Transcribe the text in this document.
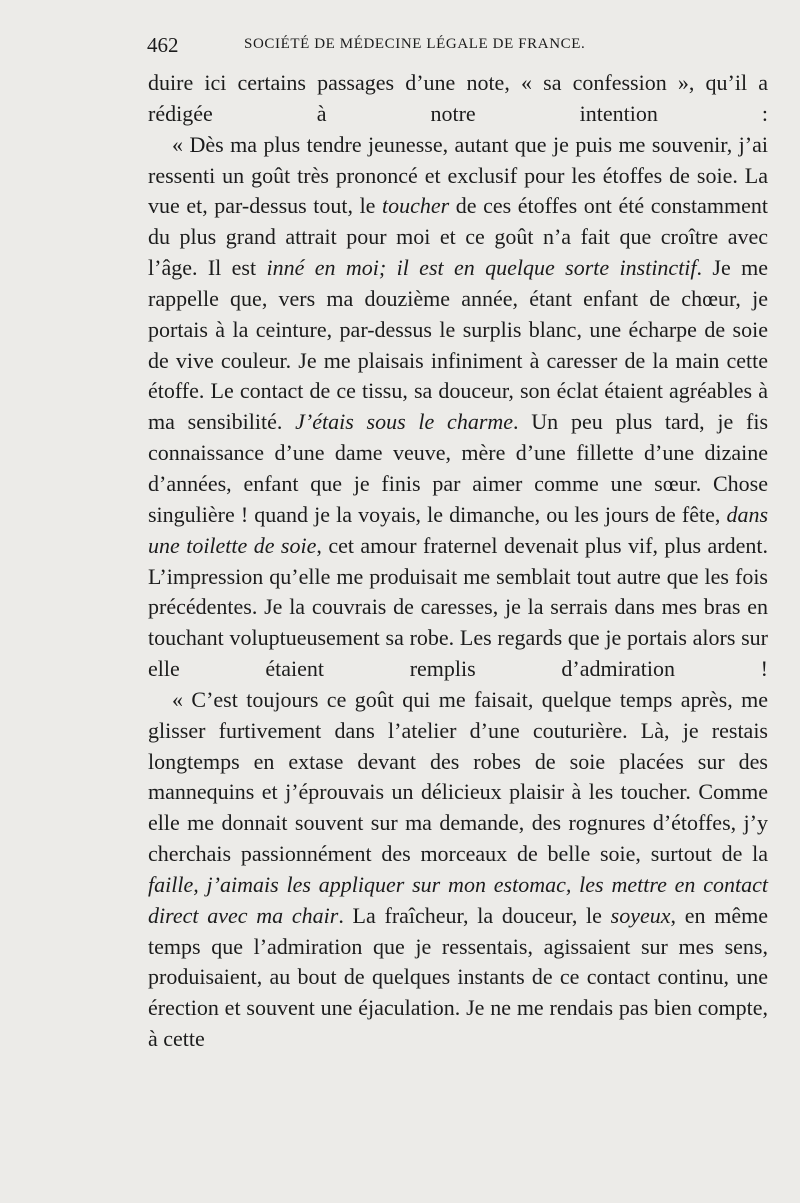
462	SOCIÉTÉ DE MÉDECINE LÉGALE DE FRANCE.

duire ici certains passages d’une note, « sa confession », qu’il a rédigée à notre intention :

« Dès ma plus tendre jeunesse, autant que je puis me souvenir, j’ai ressenti un goût très prononcé et exclusif pour les étoffes de soie. La vue et, par-dessus tout, le toucher de ces étoffes ont été constamment du plus grand attrait pour moi et ce goût n’a fait que croître avec l’âge. Il est inné en moi; il est en quelque sorte instinctif. Je me rappelle que, vers ma douzième année, étant enfant de chœur, je portais à la ceinture, par-dessus le surplis blanc, une écharpe de soie de vive couleur. Je me plaisais infiniment à caresser de la main cette étoffe. Le contact de ce tissu, sa douceur, son éclat étaient agréables à ma sensibilité. J’étais sous le charme. Un peu plus tard, je fis connaissance d’une dame veuve, mère d’une fillette d’une dizaine d’années, enfant que je finis par aimer comme une sœur. Chose singulière ! quand je la voyais, le dimanche, ou les jours de fête, dans une toilette de soie, cet amour fraternel devenait plus vif, plus ardent. L’impression qu’elle me produisait me semblait tout autre que les fois précédentes. Je la couvrais de caresses, je la serrais dans mes bras en touchant voluptueusement sa robe. Les regards que je portais alors sur elle étaient remplis d’admiration !

« C’est toujours ce goût qui me faisait, quelque temps après, me glisser furtivement dans l’atelier d’une couturière. Là, je restais longtemps en extase devant des robes de soie placées sur des mannequins et j’éprouvais un délicieux plaisir à les toucher. Comme elle me donnait souvent sur ma demande, des rognures d’étoffes, j’y cherchais passionnément des morceaux de belle soie, surtout de la faille, j’aimais les appliquer sur mon estomac, les mettre en contact direct avec ma chair. La fraîcheur, la douceur, le soyeux, en même temps que l’admiration que je ressentais, agissaient sur mes sens, produisaient, au bout de quelques instants de ce contact continu, une érection et souvent une éjaculation. Je ne me rendais pas bien compte, à cette
